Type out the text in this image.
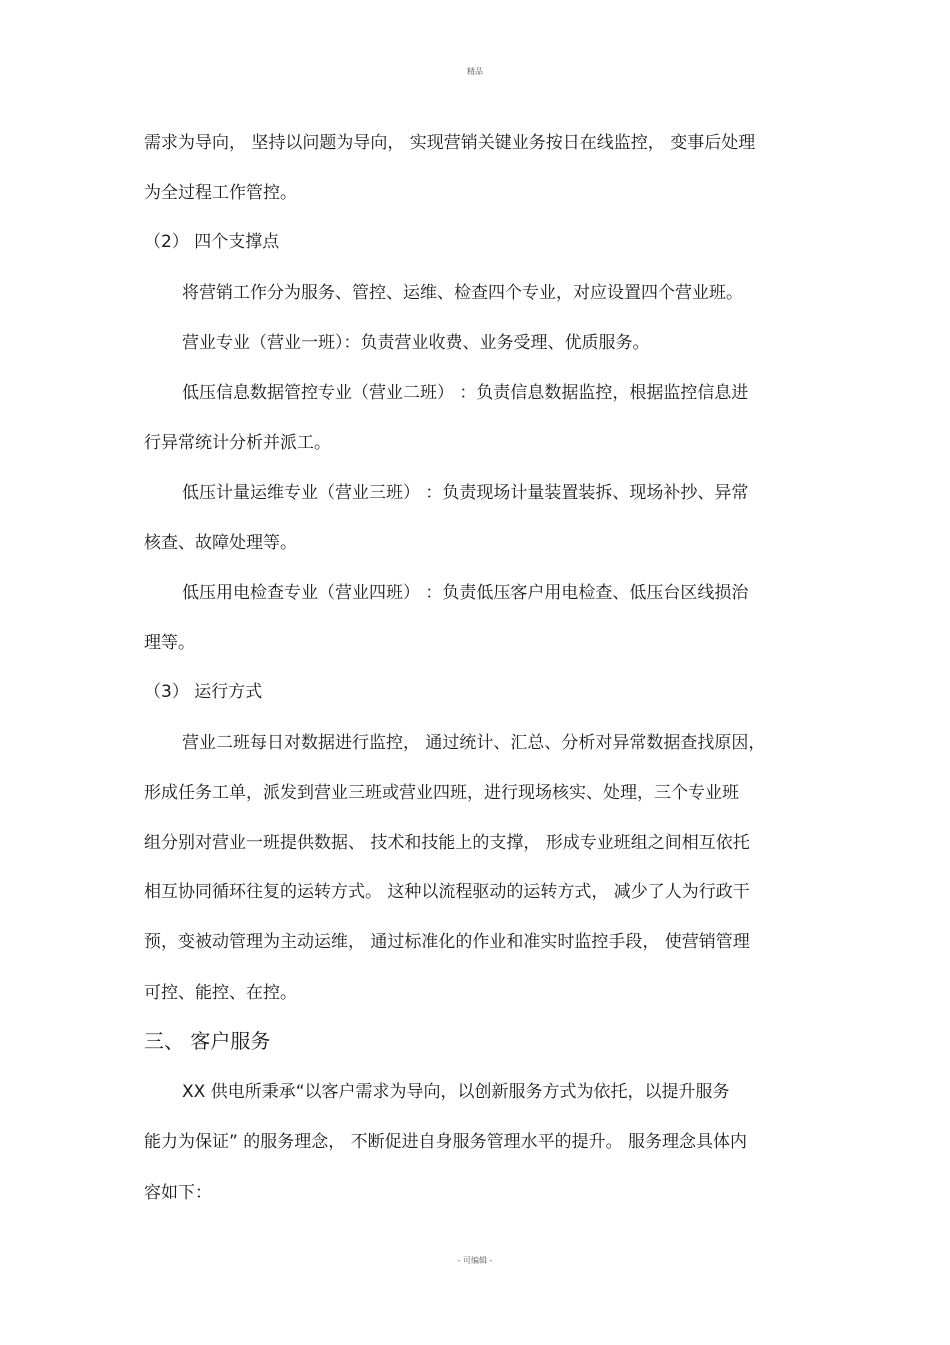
精品
需求为导向， 坚持以问题为导向， 实现营销关键业务按日在线监控， 变事后处理
为全过程工作管控。
（2） 四个支撑点
将营销工作分为服务、管控、运维、检查四个专业，对应设置四个营业班。
营业专业（营业一班）：负责营业收费、业务受理、优质服务。
低压信息数据管控专业（营业二班） ：负责信息数据监控，根据监控信息进
行异常统计分析并派工。
低压计量运维专业（营业三班） ：负责现场计量装置装拆、现场补抄、异常
核查、故障处理等。
低压用电检查专业（营业四班） ：负责低压客户用电检查、低压台区线损治
理等。
（3） 运行方式
营业二班每日对数据进行监控， 通过统计、汇总、分析对异常数据查找原因，
形成任务工单，派发到营业三班或营业四班，进行现场核实、处理，三个专业班
组分别对营业一班提供数据、 技术和技能上的支撑， 形成专业班组之间相互依托
相互协同循环往复的运转方式。 这种以流程驱动的运转方式， 减少了人为行政干
预，变被动管理为主动运维， 通过标准化的作业和准实时监控手段， 使营销管理
可控、能控、在控。
三、 客户服务
XX 供电所秉承“以客户需求为导向，以创新服务方式为依托，以提升服务
能力为保证” 的服务理念， 不断促进自身服务管理水平的提升。 服务理念具体内
容如下：
- 可编辑 -
